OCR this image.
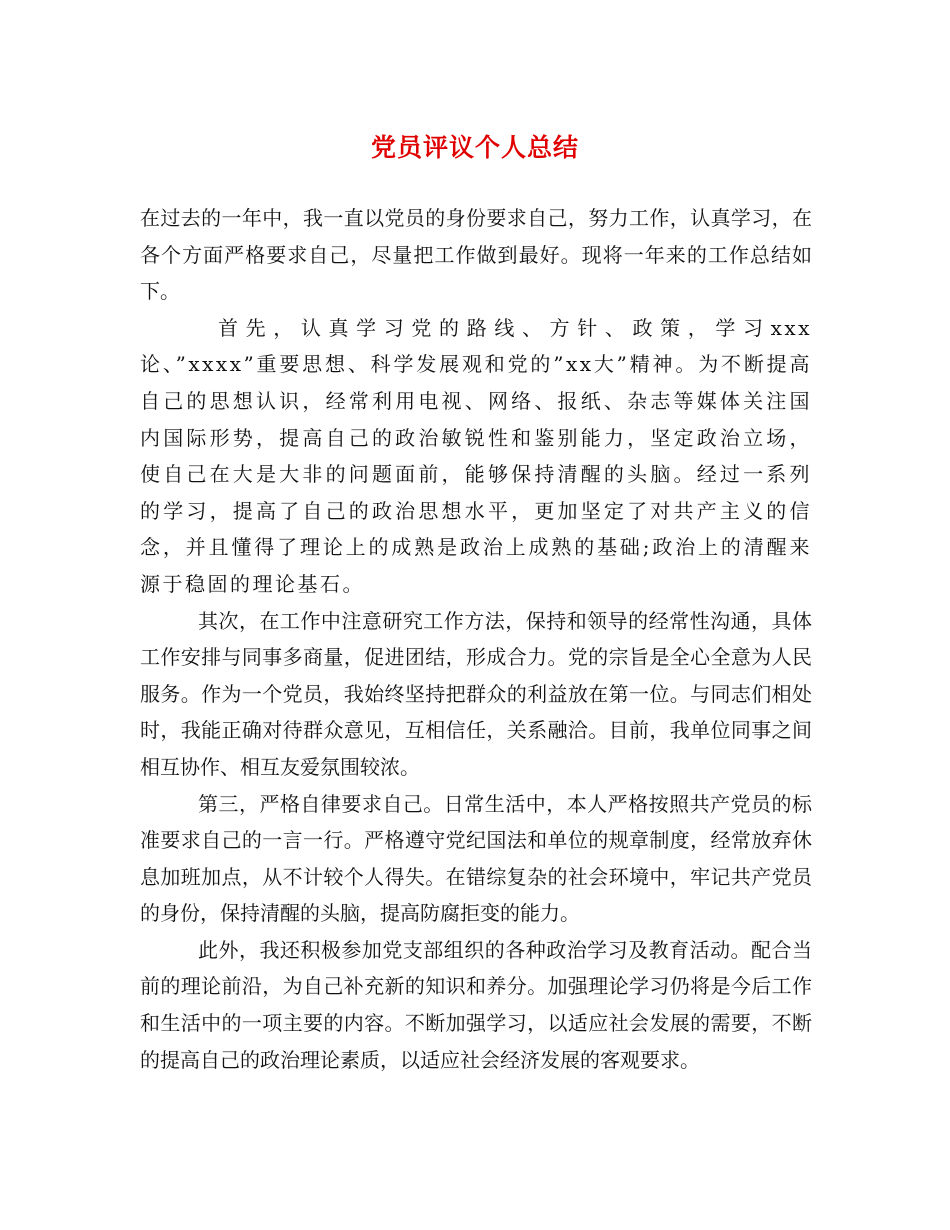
党员评议个人总结

在过去的一年中，我一直以党员的身份要求自己，努力工作，认真学习，在各个方面严格要求自己，尽量把工作做到最好。现将一年来的工作总结如下。

首先，认真学习党的路线、方针、政策，学习xxx论、”xxxx”重要思想、科学发展观和党的”xx大”精神。为不断提高自己的思想认识，经常利用电视、网络、报纸、杂志等媒体关注国内国际形势，提高自己的政治敏锐性和鉴别能力，坚定政治立场，使自己在大是大非的问题面前，能够保持清醒的头脑。经过一系列的学习，提高了自己的政治思想水平，更加坚定了对共产主义的信念，并且懂得了理论上的成熟是政治上成熟的基础;政治上的清醒来源于稳固的理论基石。

其次，在工作中注意研究工作方法，保持和领导的经常性沟通，具体工作安排与同事多商量，促进团结，形成合力。党的宗旨是全心全意为人民服务。作为一个党员，我始终坚持把群众的利益放在第一位。与同志们相处时，我能正确对待群众意见，互相信任，关系融洽。目前，我单位同事之间相互协作、相互友爱氛围较浓。

第三，严格自律要求自己。日常生活中，本人严格按照共产党员的标准要求自己的一言一行。严格遵守党纪国法和单位的规章制度，经常放弃休息加班加点，从不计较个人得失。在错综复杂的社会环境中，牢记共产党员的身份，保持清醒的头脑，提高防腐拒变的能力。

此外，我还积极参加党支部组织的各种政治学习及教育活动。配合当前的理论前沿，为自己补充新的知识和养分。加强理论学习仍将是今后工作和生活中的一项主要的内容。不断加强学习，以适应社会发展的需要，不断的提高自己的政治理论素质，以适应社会经济发展的客观要求。
